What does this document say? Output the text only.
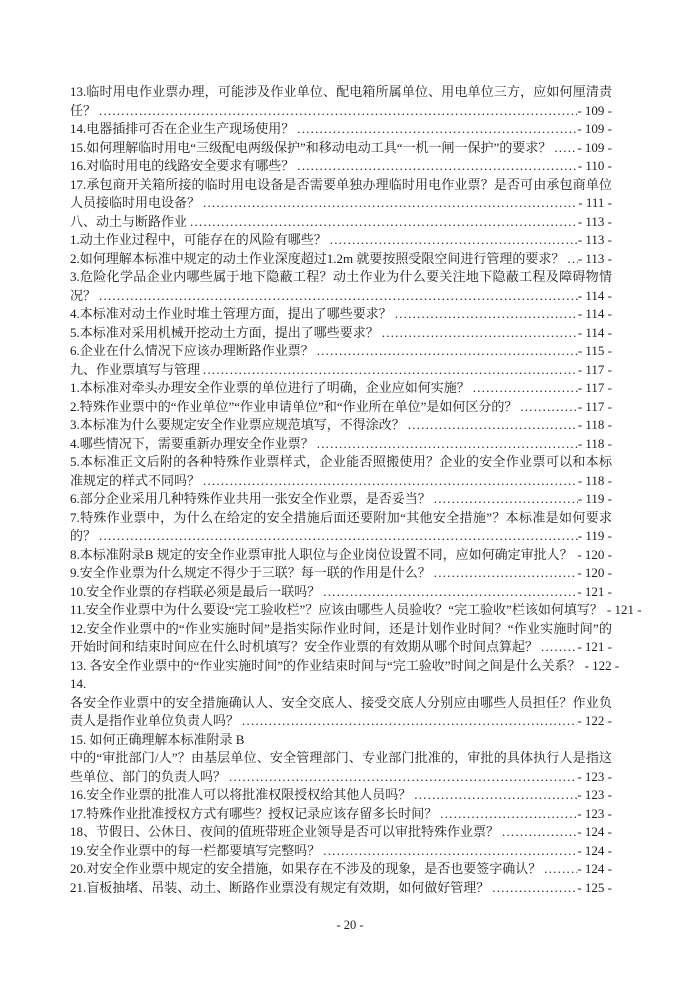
13.临时用电作业票办理，可能涉及作业单位、配电箱所属单位、用电单位三方，应如何厘清责
任？ .....	- 109 -
14.电器插排可否在企业生产现场使用？ .....	- 109 -
15.如何理解临时用电“三级配电两级保护”和移动电动工具“一机一闸一保护”的要求？ ..... - 109 -
16.对临时用电的线路安全要求有哪些？ .....	- 110 -
17.承包商开关箱所接的临时用电设备是否需要单独办理临时用电作业票？是否可由承包商单位
人员接临时用电设备？ .....	- 111 -
八、动土与断路作业 .....	- 113 -
1.动土作业过程中，可能存在的风险有哪些？ .....	- 113 -
2.如何理解本标准中规定的动土作业深度超过1.2m 就要按照受限空间进行管理的要求？ ..... - 113 -
3.危险化学品企业内哪些属于地下隐蔽工程？动土作业为什么要关注地下隐蔽工程及障碍物情
况？ .....	- 114 -
4.本标准对动土作业时堆土管理方面，提出了哪些要求？ .....	- 114 -
5.本标准对采用机械开挖动土方面，提出了哪些要求？ .....	- 114 -
6.企业在什么情况下应该办理断路作业票？ .....	- 115 -
九、作业票填写与管理 .....	- 117 -
1.本标准对牵头办理安全作业票的单位进行了明确，企业应如何实施？ .....	- 117 -
2.特殊作业票中的“作业单位”“作业申请单位”和“作业所在单位”是如何区分的？ .....	- 117 -
3.本标准为什么要规定安全作业票应规范填写，不得涂改？ .....	- 118 -
4.哪些情况下，需要重新办理安全作业票？ .....	- 118 -
5.本标准正文后附的各种特殊作业票样式，企业能否照搬使用？企业的安全作业票可以和本标
准规定的样式不同吗？ .....	- 118 -
6.部分企业采用几种特殊作业共用一张安全作业票，是否妥当？ .....	- 119 -
7.特殊作业票中，为什么在给定的安全措施后面还要附加“其他安全措施”？本标准是如何要求
的？ .....	- 119 -
8.本标准附录B 规定的安全作业票审批人职位与企业岗位设置不同，应如何确定审批人？ - 120 -
9.安全作业票为什么规定不得少于三联？每一联的作用是什么？ .....	- 120 -
10.安全作业票的存档联必须是最后一联吗？ .....	- 121 -
11.安全作业票中为什么要设“完工验收栏”？应该由哪些人员验收？“完工验收”栏该如何填写？ - 121 -
12.安全作业票中的“作业实施时间”是指实际作业时间，还是计划作业时间？“作业实施时间”的
开始时间和结束时间应在什么时机填写？安全作业票的有效期从哪个时间点算起？ .....	- 121 -
13. 各安全作业票中的“作业实施时间”的作业结束时间与“完工验收”时间之间是什么关系？ - 122 -
14.
各安全作业票中的安全措施确认人、安全交底人、接受交底人分别应由哪些人员担任？作业负
责人是指作业单位负责人吗？ .....	- 122 -
15. 如何正确理解本标准附录 B
中的“审批部门/人”？由基层单位、安全管理部门、专业部门批准的，审批的具体执行人是指这
些单位、部门的负责人吗？ .....	- 123 -
16.安全作业票的批准人可以将批准权限授权给其他人员吗？ .....	- 123 -
17.特殊作业批准授权方式有哪些？授权记录应该存留多长时间？ .....	- 123 -
18、节假日、公休日、夜间的值班带班企业领导是否可以审批特殊作业票？ .....	- 124 -
19.安全作业票中的每一栏都要填写完整吗？ .....	- 124 -
20.对安全作业票中规定的安全措施，如果存在不涉及的现象，是否也要签字确认？ .....	- 124 -
21.盲板抽堵、吊装、动土、断路作业票没有规定有效期，如何做好管理？ .....	- 125 -
- 20 -
